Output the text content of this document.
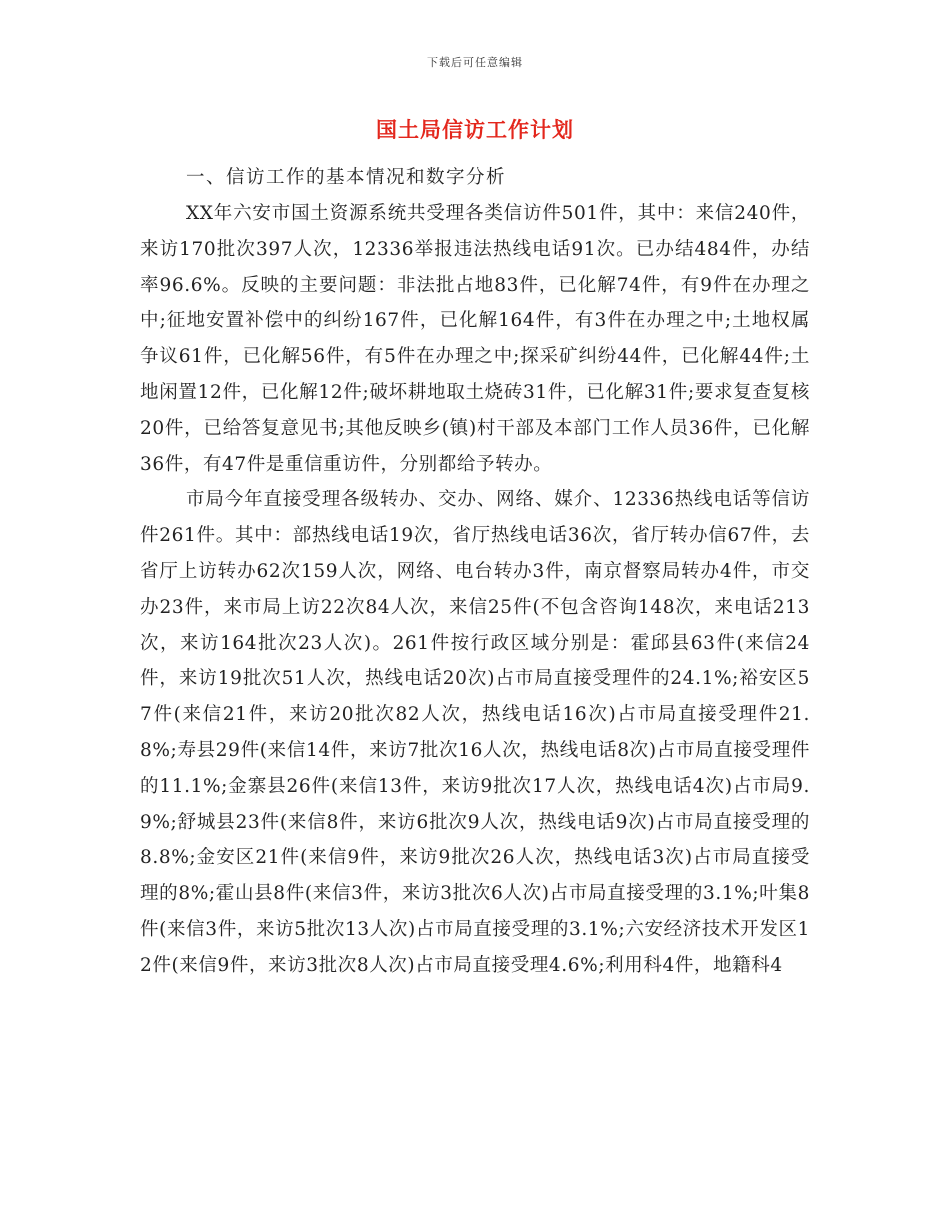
下载后可任意编辑
国土局信访工作计划

一、信访工作的基本情况和数字分析

XX年六安市国土资源系统共受理各类信访件501件，其中：来信240件，来访170批次397人次，12336举报违法热线电话91次。已办结484件，办结率96.6%。反映的主要问题：非法批占地83件，已化解74件，有9件在办理之中;征地安置补偿中的纠纷167件，已化解164件，有3件在办理之中;土地权属争议61件，已化解56件，有5件在办理之中;探采矿纠纷44件，已化解44件;土地闲置12件，已化解12件;破坏耕地取土烧砖31件，已化解31件;要求复查复核20件，已给答复意见书;其他反映乡(镇)村干部及本部门工作人员36件，已化解36件，有47件是重信重访件，分别都给予转办。

市局今年直接受理各级转办、交办、网络、媒介、12336热线电话等信访件261件。其中：部热线电话19次，省厅热线电话36次，省厅转办信67件，去省厅上访转办62次159人次，网络、电台转办3件，南京督察局转办4件，市交办23件，来市局上访22次84人次，来信25件(不包含咨询148次，来电话213次，来访164批次23人次)。261件按行政区域分别是：霍邱县63件(来信24件，来访19批次51人次，热线电话20次)占市局直接受理件的24.1%;裕安区57件(来信21件，来访20批次82人次，热线电话16次)占市局直接受理件21.8%;寿县29件(来信14件，来访7批次16人次，热线电话8次)占市局直接受理件的11.1%;金寨县26件(来信13件，来访9批次17人次，热线电话4次)占市局9.9%;舒城县23件(来信8件，来访6批次9人次，热线电话9次)占市局直接受理的8.8%;金安区21件(来信9件，来访9批次26人次，热线电话3次)占市局直接受理的8%;霍山县8件(来信3件，来访3批次6人次)占市局直接受理的3.1%;叶集8件(来信3件，来访5批次13人次)占市局直接受理的3.1%;六安经济技术开发区12件(来信9件，来访3批次8人次)占市局直接受理4.6%;利用科4件，地籍科4
